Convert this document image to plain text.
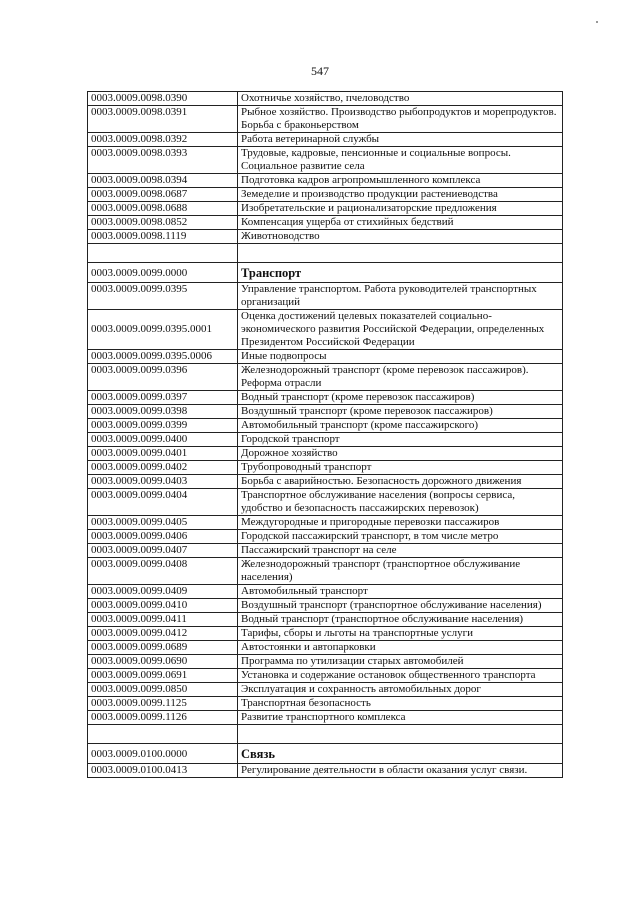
547
0003.0009.0098.0390	Охотничье хозяйство, пчеловодство
0003.0009.0098.0391	Рыбное хозяйство. Производство рыбопродуктов и морепродуктов. Борьба с браконьерством
0003.0009.0098.0392	Работа ветеринарной службы
0003.0009.0098.0393	Трудовые, кадровые, пенсионные и социальные вопросы. Социальное развитие села
0003.0009.0098.0394	Подготовка кадров агропромышленного комплекса
0003.0009.0098.0687	Земеделие и производство продукции растениеводства
0003.0009.0098.0688	Изобретательские и рационализаторские предложения
0003.0009.0098.0852	Компенсация ущерба от стихийных бедствий
0003.0009.0098.1119	Животноводство

0003.0009.0099.0000	Транспорт
0003.0009.0099.0395	Управление транспортом. Работа руководителей транспортных организаций
0003.0009.0099.0395.0001	Оценка достижений целевых показателей социально-экономического развития Российской Федерации, определенных Президентом Российской Федерации
0003.0009.0099.0395.0006	Иные подвопросы
0003.0009.0099.0396	Железнодорожный транспорт (кроме перевозок пассажиров). Реформа отрасли
0003.0009.0099.0397	Водный транспорт (кроме перевозок пассажиров)
0003.0009.0099.0398	Воздушный транспорт (кроме перевозок пассажиров)
0003.0009.0099.0399	Автомобильный транспорт (кроме пассажирского)
0003.0009.0099.0400	Городской транспорт
0003.0009.0099.0401	Дорожное хозяйство
0003.0009.0099.0402	Трубопроводный транспорт
0003.0009.0099.0403	Борьба с аварийностью. Безопасность дорожного движения
0003.0009.0099.0404	Транспортное обслуживание населения (вопросы сервиса, удобство и безопасность пассажирских перевозок)
0003.0009.0099.0405	Междугородные и пригородные перевозки пассажиров
0003.0009.0099.0406	Городской пассажирский транспорт, в том числе метро
0003.0009.0099.0407	Пассажирский транспорт на селе
0003.0009.0099.0408	Железнодорожный транспорт (транспортное обслуживание населения)
0003.0009.0099.0409	Автомобильный транспорт
0003.0009.0099.0410	Воздушный транспорт (транспортное обслуживание населения)
0003.0009.0099.0411	Водный транспорт (транспортное обслуживание населения)
0003.0009.0099.0412	Тарифы, сборы и льготы на транспортные услуги
0003.0009.0099.0689	Автостоянки и автопарковки
0003.0009.0099.0690	Программа по утилизации старых автомобилей
0003.0009.0099.0691	Установка и содержание остановок общественного транспорта
0003.0009.0099.0850	Эксплуатация и сохранность автомобильных дорог
0003.0009.0099.1125	Транспортная безопасность
0003.0009.0099.1126	Развитие транспортного комплекса

0003.0009.0100.0000	Связь
0003.0009.0100.0413	Регулирование деятельности в области оказания услуг связи.
